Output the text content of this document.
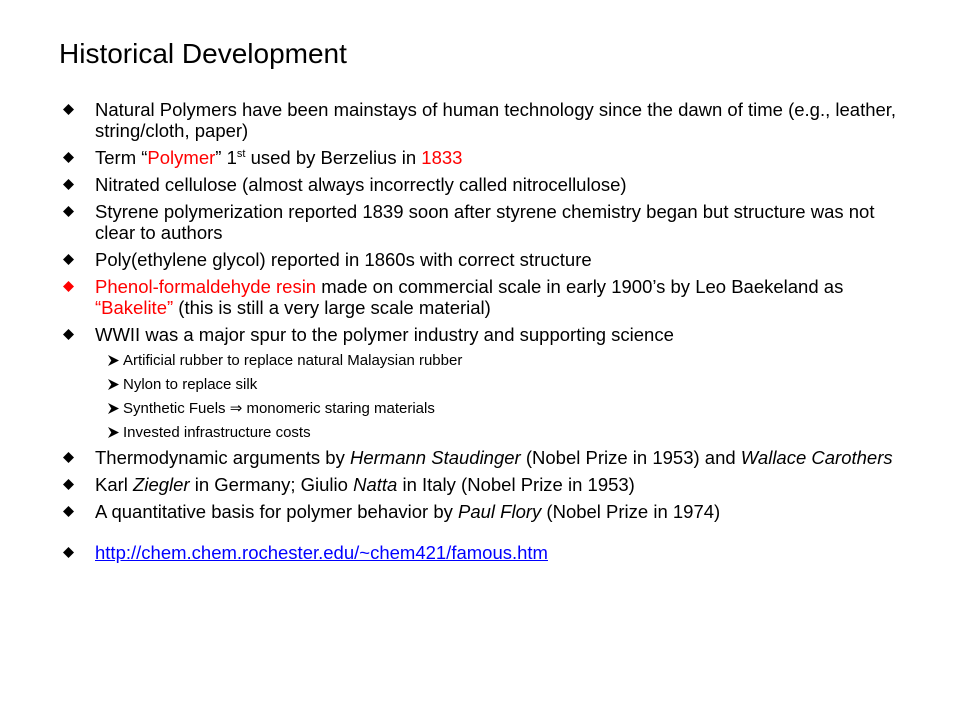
Historical Development
Natural Polymers have been mainstays of human technology since the dawn of time (e.g., leather, string/cloth, paper)
Term “Polymer” 1st used by Berzelius in 1833
Nitrated cellulose (almost always incorrectly called nitrocellulose)
Styrene polymerization reported 1839 soon after styrene chemistry began but structure was not clear to authors
Poly(ethylene glycol) reported in 1860s with correct structure
Phenol-formaldehyde resin made on commercial scale in early 1900’s by Leo Baekeland as “Bakelite” (this is still a very large scale material)
WWII was a major spur to the polymer industry and supporting science
Artificial rubber to replace natural Malaysian rubber
Nylon to replace silk
Synthetic Fuels ⇒ monomeric staring materials
Invested infrastructure costs
Thermodynamic arguments by Hermann Staudinger (Nobel Prize in 1953) and Wallace Carothers
Karl Ziegler in Germany; Giulio Natta in Italy (Nobel Prize in 1953)
A quantitative basis for polymer behavior by Paul Flory (Nobel Prize in 1974)
http://chem.chem.rochester.edu/~chem421/famous.htm
